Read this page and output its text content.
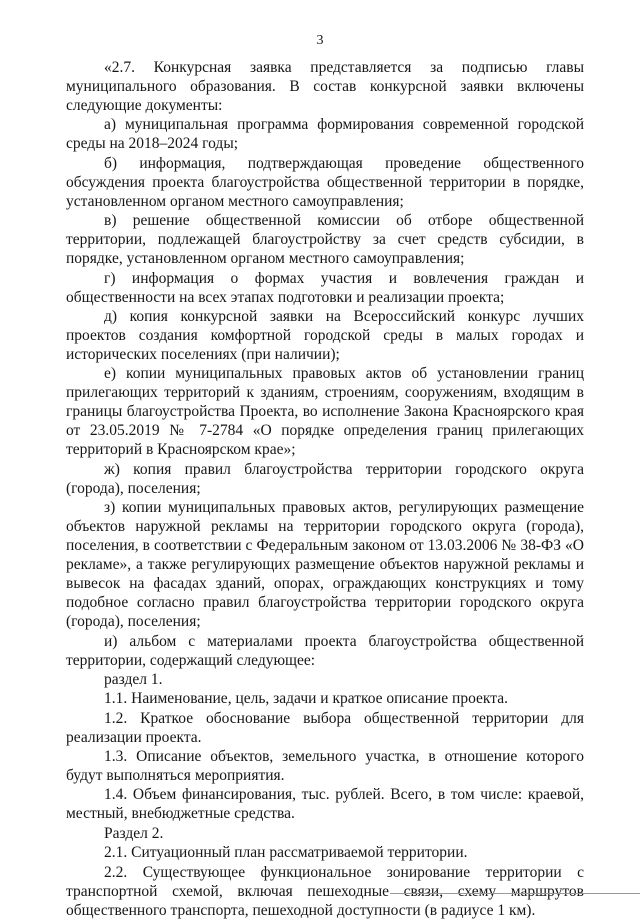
3

«2.7. Конкурсная заявка представляется за подписью главы муниципального образования. В состав конкурсной заявки включены следующие документы:

а) муниципальная программа формирования современной городской среды на 2018–2024 годы;

б) информация, подтверждающая проведение общественного обсуждения проекта благоустройства общественной территории в порядке, установленном органом местного самоуправления;

в) решение общественной комиссии об отборе общественной территории, подлежащей благоустройству за счет средств субсидии, в порядке, установленном органом местного самоуправления;

г) информация о формах участия и вовлечения граждан и общественности на всех этапах подготовки и реализации проекта;

д) копия конкурсной заявки на Всероссийский конкурс лучших проектов создания комфортной городской среды в малых городах и исторических поселениях (при наличии);

е) копии муниципальных правовых актов об установлении границ прилегающих территорий к зданиям, строениям, сооружениям, входящим в границы благоустройства Проекта, во исполнение Закона Красноярского края от 23.05.2019 № 7-2784 «О порядке определения границ прилегающих территорий в Красноярском крае»;

ж) копия правил благоустройства территории городского округа (города), поселения;

з) копии муниципальных правовых актов, регулирующих размещение объектов наружной рекламы на территории городского округа (города), поселения, в соответствии с Федеральным законом от 13.03.2006 № 38-ФЗ «О рекламе», а также регулирующих размещение объектов наружной рекламы и вывесок на фасадах зданий, опорах, ограждающих конструкциях и тому подобное согласно правил благоустройства территории городского округа (города), поселения;

и) альбом с материалами проекта благоустройства общественной территории, содержащий следующее:

раздел 1.

1.1. Наименование, цель, задачи и краткое описание проекта.

1.2. Краткое обоснование выбора общественной территории для реализации проекта.

1.3. Описание объектов, земельного участка, в отношение которого будут выполняться мероприятия.

1.4. Объем финансирования, тыс. рублей. Всего, в том числе: краевой, местный, внебюджетные средства.

Раздел 2.

2.1. Ситуационный план рассматриваемой территории.

2.2. Существующее функциональное зонирование территории с транспортной схемой, включая пешеходные связи, схему маршрутов общественного транспорта, пешеходной доступности (в радиусе 1 км).
